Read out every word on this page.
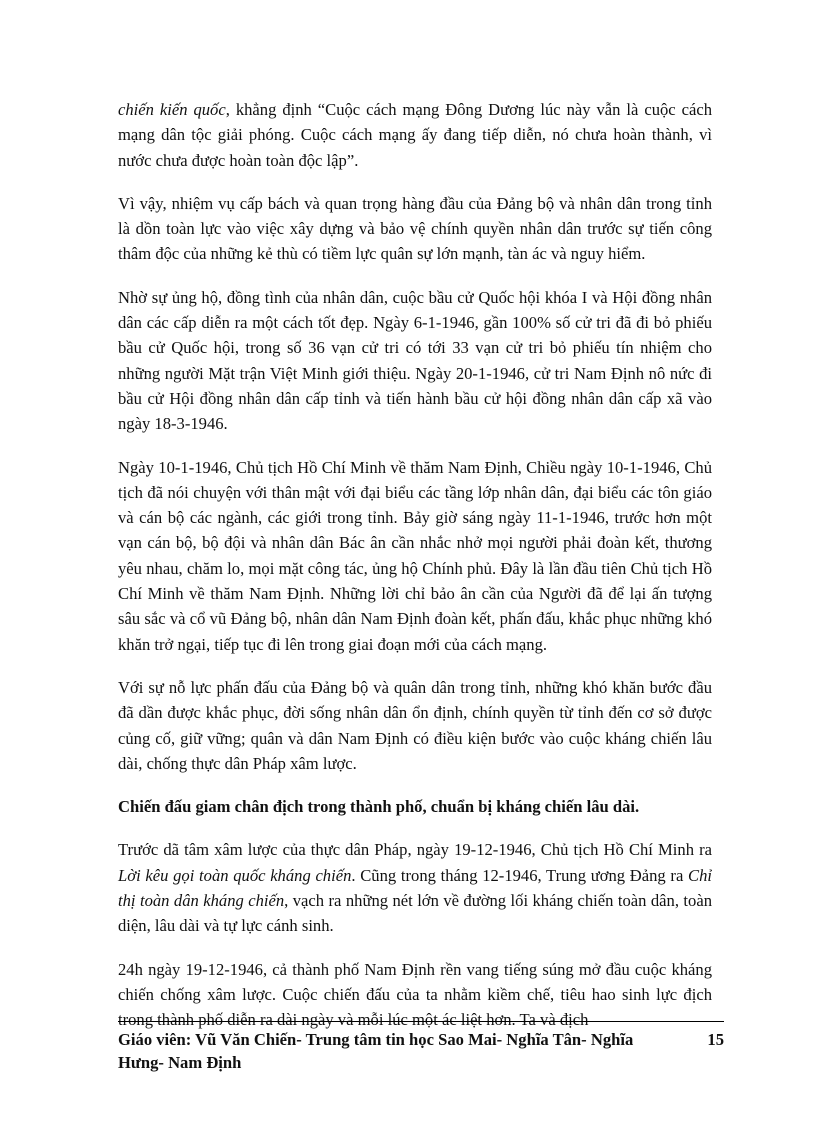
chiến kiến quốc, khẳng định “Cuộc cách mạng Đông Dương lúc này vẫn là cuộc cách mạng dân tộc giải phóng. Cuộc cách mạng ấy đang tiếp diễn, nó chưa hoàn thành, vì nước chưa được hoàn toàn độc lập”.

Vì vậy, nhiệm vụ cấp bách và quan trọng hàng đầu của Đảng bộ và nhân dân trong tỉnh là dồn toàn lực vào việc xây dựng và bảo vệ chính quyền nhân dân trước sự tiến công thâm độc của những kẻ thù có tiềm lực quân sự lớn mạnh, tàn ác và nguy hiểm.

Nhờ sự ủng hộ, đồng tình của nhân dân, cuộc bầu cử Quốc hội khóa I và Hội đồng nhân dân các cấp diễn ra một cách tốt đẹp. Ngày 6-1-1946, gần 100% số cử tri đã đi bỏ phiếu bầu cử Quốc hội, trong số 36 vạn cử tri có tới 33 vạn cử tri bỏ phiếu tín nhiệm cho những người Mặt trận Việt Minh giới thiệu. Ngày 20-1-1946, cử tri Nam Định nô nức đi bầu cử Hội đồng nhân dân cấp tỉnh và tiến hành bầu cử hội đồng nhân dân cấp xã vào ngày 18-3-1946.

Ngày 10-1-1946, Chủ tịch Hồ Chí Minh về thăm Nam Định, Chiều ngày 10-1-1946, Chủ tịch đã nói chuyện với thân mật với đại biểu các tầng lớp nhân dân, đại biểu các tôn giáo và cán bộ các ngành, các giới trong tỉnh. Bảy giờ sáng ngày 11-1-1946, trước hơn một vạn cán bộ, bộ đội và nhân dân Bác ân cần nhắc nhở mọi người phải đoàn kết, thương yêu nhau, chăm lo, mọi mặt công tác, ủng hộ Chính phủ. Đây là lần đầu tiên Chủ tịch Hồ Chí Minh về thăm Nam Định. Những lời chỉ bảo ân cần của Người đã để lại ấn tượng sâu sắc và cổ vũ Đảng bộ, nhân dân Nam Định đoàn kết, phấn đấu, khắc phục những khó khăn trở ngại, tiếp tục đi lên trong giai đoạn mới của cách mạng.

Với sự nỗ lực phấn đấu của Đảng bộ và quân dân trong tỉnh, những khó khăn bước đầu đã dần được khắc phục, đời sống nhân dân ổn định, chính quyền từ tỉnh đến cơ sở được củng cố, giữ vững; quân và dân Nam Định có điều kiện bước vào cuộc kháng chiến lâu dài, chống thực dân Pháp xâm lược.

Chiến đấu giam chân địch trong thành phố, chuẩn bị kháng chiến lâu dài.

Trước dã tâm xâm lược của thực dân Pháp, ngày 19-12-1946, Chủ tịch Hồ Chí Minh ra Lời kêu gọi toàn quốc kháng chiến. Cũng trong tháng 12-1946, Trung ương Đảng ra Chỉ thị toàn dân kháng chiến, vạch ra những nét lớn về đường lối kháng chiến toàn dân, toàn diện, lâu dài và tự lực cánh sinh.

24h ngày 19-12-1946, cả thành phố Nam Định rền vang tiếng súng mở đầu cuộc kháng chiến chống xâm lược. Cuộc chiến đấu của ta nhằm kiềm chế, tiêu hao sinh lực địch trong thành phố diễn ra dài ngày và mỗi lúc một ác liệt hơn. Ta và địch

Giáo viên: Vũ Văn Chiến- Trung tâm tin học Sao Mai- Nghĩa Tân- Nghĩa Hưng- Nam Định
15
